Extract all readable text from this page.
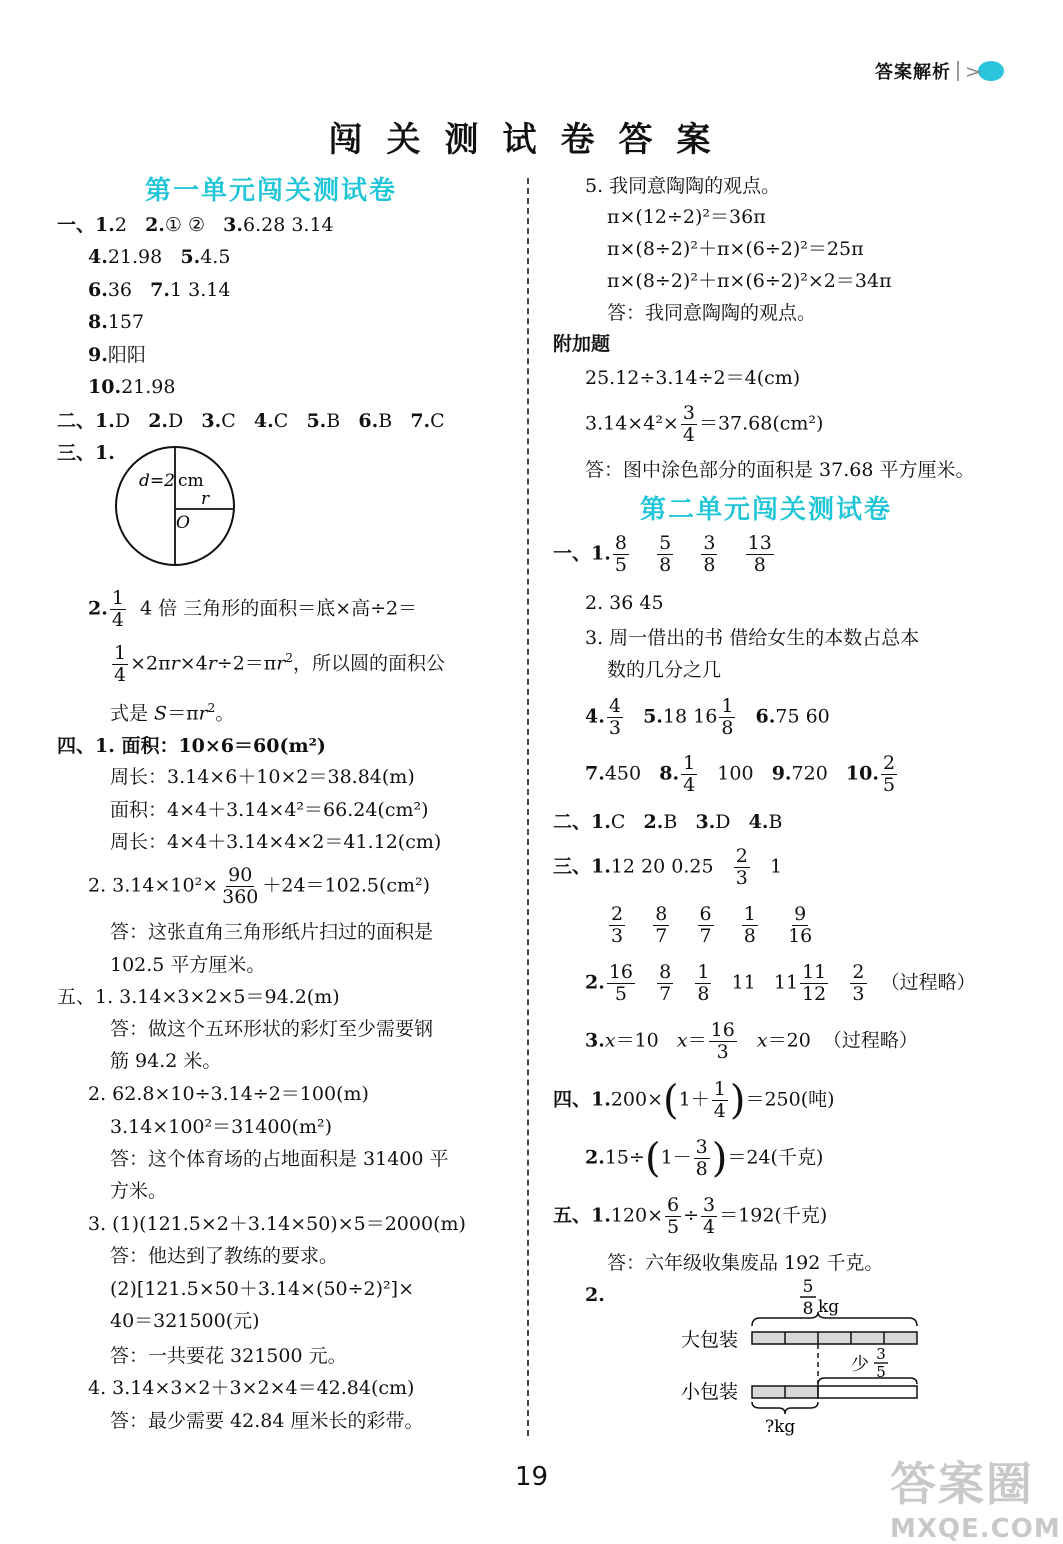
答案解析
闯关测试卷答案
第一单元闯关测试卷
一、1.2 2.① ② 3.6.28 3.14
4.21.98 5.4.5
6.36 7.1 3.14
8.157
9.阳阳
10.21.98
二、1.D 2.D 3.C 4.C 5.B 6.B 7.C
三、1.
d=2 cm
r
O
2. $\frac{1}{4} 4$ 倍 三角形的面积＝底×高÷2＝
$\frac{1}{4} \times 2\pi r\times 4r\div 2=\pi r^2$，所以圆的面积公
式是 $S=\pi r^2$。
四、1. 面积：10×6＝60(m²)
周长：3.14×6＋10×2＝38.84(m)
面积：4×4＋3.14×4²＝66.24(cm²)
周长：4×4＋3.14×4×2＝41.12(cm)
2. $3.14\times 10^2\times \frac{90}{360} +24=102.5(cm^2)$
答：这张直角三角形纸片扫过的面积是
102.5 平方厘米。
五、1. 3.14×3×2×5＝94.2(m)
答：做这个五环形状的彩灯至少需要钢
筋 94.2 米。
2. 62.8×10÷3.14÷2＝100(m)
3.14×100²＝31400(m²)
答：这个体育场的占地面积是 31400 平
方米。
3. (1)(121.5×2＋3.14×50)×5＝2000(m)
答：他达到了教练的要求。
(2)[121.5×50＋3.14×(50÷2)²]×
40＝321500(元)
答：一共要花 321500 元。
4. 3.14×3×2＋3×2×4＝42.84(cm)
答：最少需要 42.84 厘米长的彩带。
5. 我同意陶陶的观点。
π×(12÷2)²＝36π
π×(8÷2)²＋π×(6÷2)²＝25π
π×(8÷2)²＋π×(6÷2)²×2＝34π
答：我同意陶陶的观点。
附加题
25.12÷3.14÷2＝4(cm)
$3.14\times 4^2\times \frac{3}{4} =37.68(cm^2)$
答：图中涂色部分的面积是 37.68 平方厘米。
第二单元闯关测试卷
一、1. $\frac{8}{5}$
$\frac{5}{8}$
$\frac{3}{8}$
$\frac{13}{8}$
2. 36 45
3. 周一借出的书 借给女生的本数占总本
数的几分之几
4. $\frac{4}{3} 5.18$ $16 \frac{1}{8} 6.75$ 60
7.450 8. $\frac{1}{4} 100$ 9.720 10. $\frac{2}{5}$
二、1.C 2.B 3.D 4.B
三、1.12 20 $0.25 \frac{2}{3} 1$
$\frac{2}{3}$
$\frac{8}{7}$
$\frac{6}{7}$
$\frac{1}{8}$
$\frac{9}{16}$
2. $\frac{16}{5}$
$\frac{8}{7}$
$\frac{1}{8} 11$ $11 \frac{11}{12}$
$\frac{2}{3}$ （过程略）
3.x＝10 $x= \frac{16}{3} x=20$ （过程略）
四、$1.200\times(1+ \frac{1}{4} )=250$(吨)
$2.15\div(1- \frac{3}{8} )=24$(千克)
五、$1.120\times \frac{6}{5} \div \frac{3}{4} =192$(千克)
答：六年级收集废品 192 千克。
2.	5
8 kg
大包装
少 3
5
小包装
?kg
19	答案圈
MXQE.COM
